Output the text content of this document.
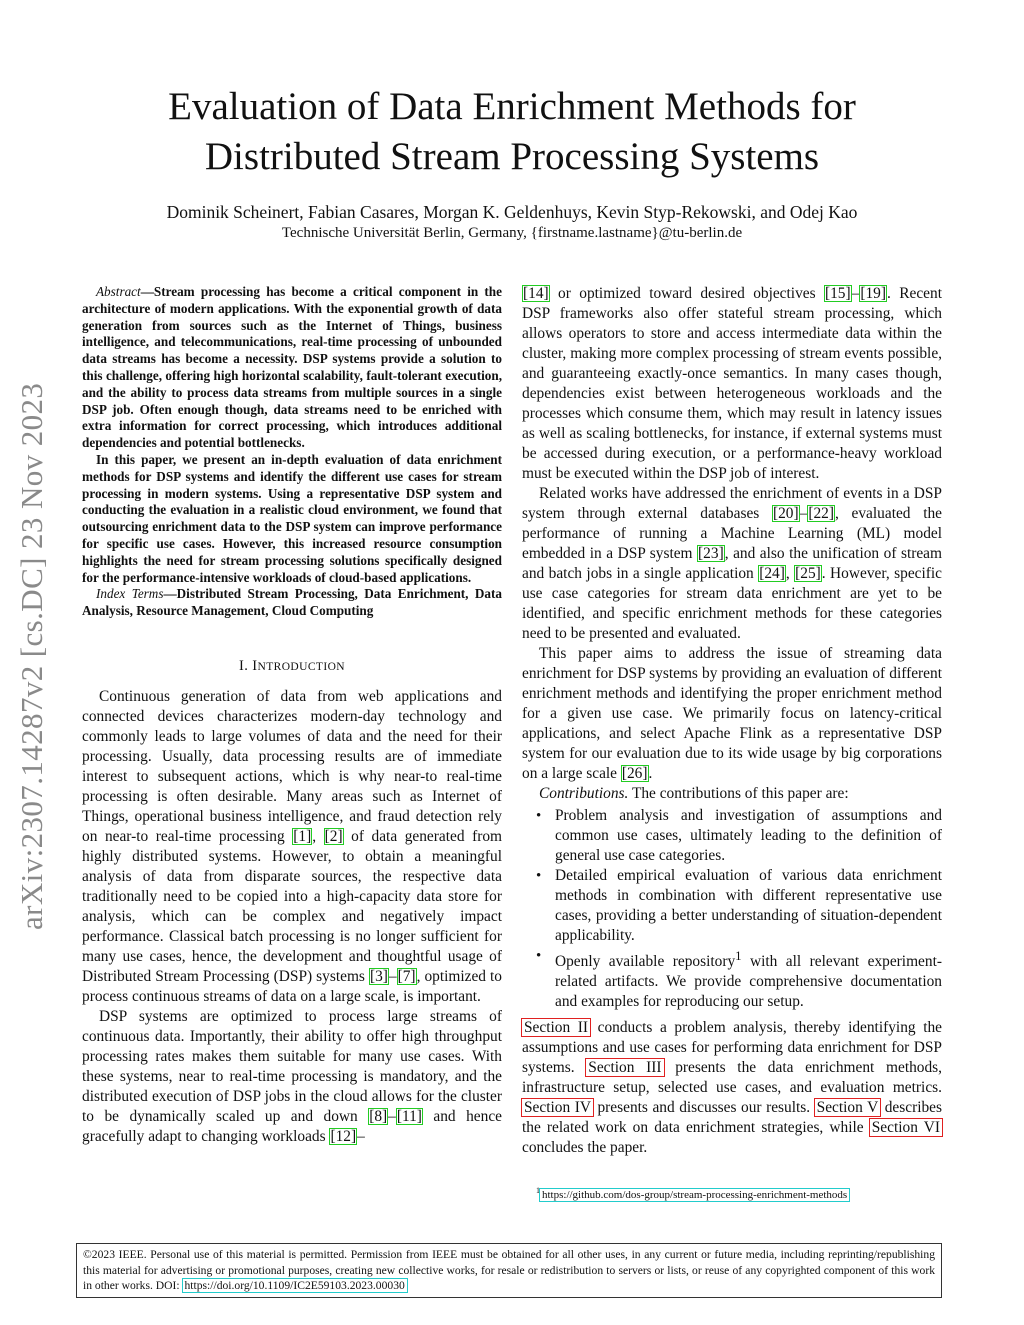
arXiv:2307.14287v2 [cs.DC] 23 Nov 2023
Evaluation of Data Enrichment Methods for
Distributed Stream Processing Systems
Dominik Scheinert, Fabian Casares, Morgan K. Geldenhuys, Kevin Styp-Rekowski, and Odej Kao
Technische Universität Berlin, Germany, {firstname.lastname}@tu-berlin.de

Abstract—Stream processing has become a critical component in the architecture of modern applications. With the exponential growth of data generation from sources such as the Internet of Things, business intelligence, and telecommunications, real-time processing of unbounded data streams has become a necessity. DSP systems provide a solution to this challenge, offering high horizontal scalability, fault-tolerant execution, and the ability to process data streams from multiple sources in a single DSP job. Often enough though, data streams need to be enriched with extra information for correct processing, which introduces additional dependencies and potential bottlenecks.

In this paper, we present an in-depth evaluation of data enrichment methods for DSP systems and identify the different use cases for stream processing in modern systems. Using a representative DSP system and conducting the evaluation in a realistic cloud environment, we found that outsourcing enrichment data to the DSP system can improve performance for specific use cases. However, this increased resource consumption highlights the need for stream processing solutions specifically designed for the performance-intensive workloads of cloud-based applications.

Index Terms—Distributed Stream Processing, Data Enrichment, Data Analysis, Resource Management, Cloud Computing

I. INTRODUCTION

Continuous generation of data from web applications and connected devices characterizes modern-day technology and commonly leads to large volumes of data and the need for their processing. Usually, data processing results are of immediate interest to subsequent actions, which is why near-to real-time processing is often desirable. Many areas such as Internet of Things, operational business intelligence, and fraud detection rely on near-to real-time processing [1], [2] of data generated from highly distributed systems. However, to obtain a meaningful analysis of data from disparate sources, the respective data traditionally need to be copied into a high-capacity data store for analysis, which can be complex and negatively impact performance. Classical batch processing is no longer sufficient for many use cases, hence, the development and thoughtful usage of Distributed Stream Processing (DSP) systems [3]–[7], optimized to process continuous streams of data on a large scale, is important.

DSP systems are optimized to process large streams of continuous data. Importantly, their ability to offer high throughput processing rates makes them suitable for many use cases. With these systems, near to real-time processing is mandatory, and the distributed execution of DSP jobs in the cloud allows for the cluster to be dynamically scaled up and down [8]–[11] and hence gracefully adapt to changing workloads [12]–

[14] or optimized toward desired objectives [15]–[19]. Recent DSP frameworks also offer stateful stream processing, which allows operators to store and access intermediate data within the cluster, making more complex processing of stream events possible, and guaranteeing exactly-once semantics. In many cases though, dependencies exist between heterogeneous workloads and the processes which consume them, which may result in latency issues as well as scaling bottlenecks, for instance, if external systems must be accessed during execution, or a performance-heavy workload must be executed within the DSP job of interest.

Related works have addressed the enrichment of events in a DSP system through external databases [20]–[22], evaluated the performance of running a Machine Learning (ML) model embedded in a DSP system [23], and also the unification of stream and batch jobs in a single application [24], [25]. However, specific use case categories for stream data enrichment are yet to be identified, and specific enrichment methods for these categories need to be presented and evaluated.

This paper aims to address the issue of streaming data enrichment for DSP systems by providing an evaluation of different enrichment methods and identifying the proper enrichment method for a given use case. We primarily focus on latency-critical applications, and select Apache Flink as a representative DSP system for our evaluation due to its wide usage by big corporations on a large scale [26].

Contributions. The contributions of this paper are:

• Problem analysis and investigation of assumptions and common use cases, ultimately leading to the definition of general use case categories.
• Detailed empirical evaluation of various data enrichment methods in combination with different representative use cases, providing a better understanding of situation-dependent applicability.
• Openly available repository$^1$ with all relevant experiment-related artifacts. We provide comprehensive documentation and examples for reproducing our setup.

Section II conducts a problem analysis, thereby identifying the assumptions and use cases for performing data enrichment for DSP systems. Section III presents the data enrichment methods, infrastructure setup, selected use cases, and evaluation metrics. Section IV presents and discusses our results. Section V describes the related work on data enrichment strategies, while Section VI concludes the paper.

$^1$ https://github.com/dos-group/stream-processing-enrichment-methods
©2023 IEEE. Personal use of this material is permitted. Permission from IEEE must be obtained for all other uses, in any current or future media, including reprinting/republishing this material for advertising or promotional purposes, creating new collective works, for resale or redistribution to servers or lists, or reuse of any copyrighted component of this work in other works. DOI: https://doi.org/10.1109/IC2E59103.2023.00030
